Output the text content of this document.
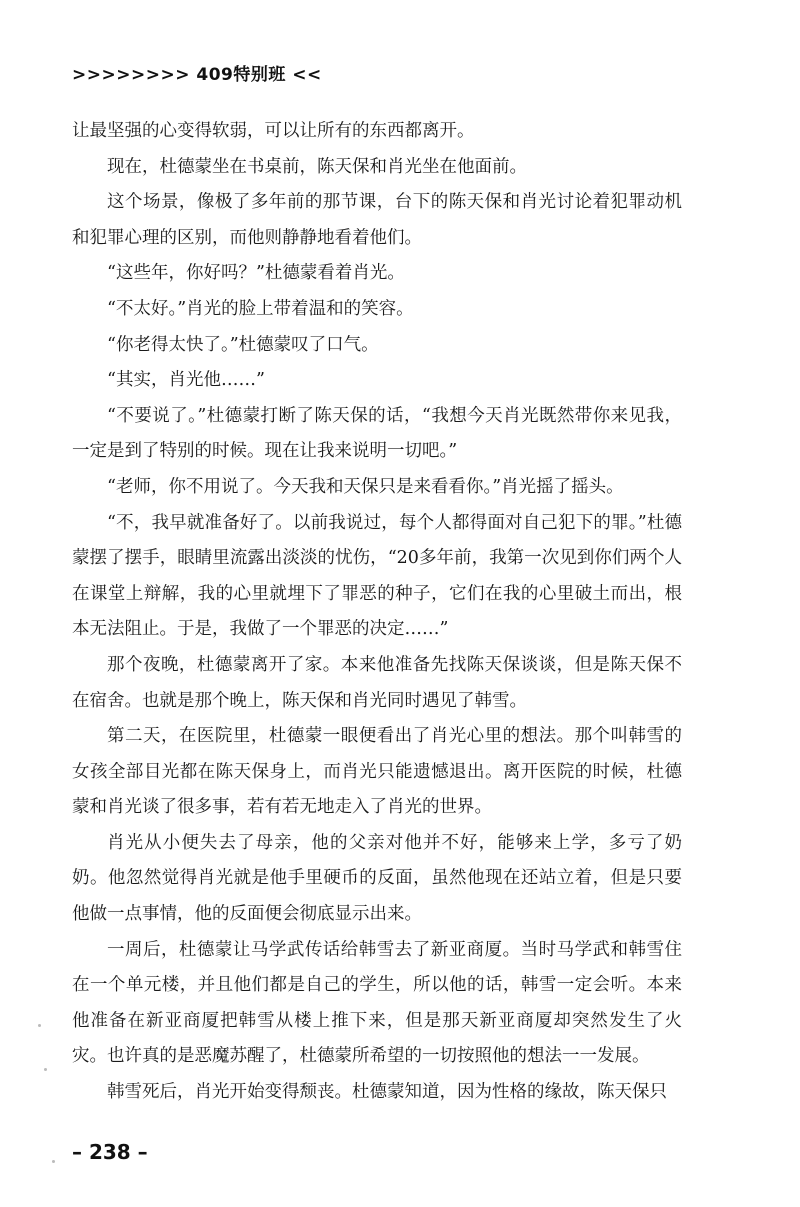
>>>>>>>> 409特别班 <<

让最坚强的心变得软弱，可以让所有的东西都离开。

现在，杜德蒙坐在书桌前，陈天保和肖光坐在他面前。

这个场景，像极了多年前的那节课，台下的陈天保和肖光讨论着犯罪动机和犯罪心理的区别，而他则静静地看着他们。

“这些年，你好吗？”杜德蒙看着肖光。

“不太好。”肖光的脸上带着温和的笑容。

“你老得太快了。”杜德蒙叹了口气。

“其实，肖光他……”

“不要说了。”杜德蒙打断了陈天保的话，“我想今天肖光既然带你来见我，一定是到了特别的时候。现在让我来说明一切吧。”

“老师，你不用说了。今天我和天保只是来看看你。”肖光摇了摇头。

“不，我早就准备好了。以前我说过，每个人都得面对自己犯下的罪。”杜德蒙摆了摆手，眼睛里流露出淡淡的忧伤，“20多年前，我第一次见到你们两个人在课堂上辩解，我的心里就埋下了罪恶的种子，它们在我的心里破土而出，根本无法阻止。于是，我做了一个罪恶的决定……”

那个夜晚，杜德蒙离开了家。本来他准备先找陈天保谈谈，但是陈天保不在宿舍。也就是那个晚上，陈天保和肖光同时遇见了韩雪。

第二天，在医院里，杜德蒙一眼便看出了肖光心里的想法。那个叫韩雪的女孩全部目光都在陈天保身上，而肖光只能遗憾退出。离开医院的时候，杜德蒙和肖光谈了很多事，若有若无地走入了肖光的世界。

肖光从小便失去了母亲，他的父亲对他并不好，能够来上学，多亏了奶奶。他忽然觉得肖光就是他手里硬币的反面，虽然他现在还站立着，但是只要他做一点事情，他的反面便会彻底显示出来。

一周后，杜德蒙让马学武传话给韩雪去了新亚商厦。当时马学武和韩雪住在一个单元楼，并且他们都是自己的学生，所以他的话，韩雪一定会听。本来他准备在新亚商厦把韩雪从楼上推下来，但是那天新亚商厦却突然发生了火灾。也许真的是恶魔苏醒了，杜德蒙所希望的一切按照他的想法一一发展。

韩雪死后，肖光开始变得颓丧。杜德蒙知道，因为性格的缘故，陈天保只

– 238 –
